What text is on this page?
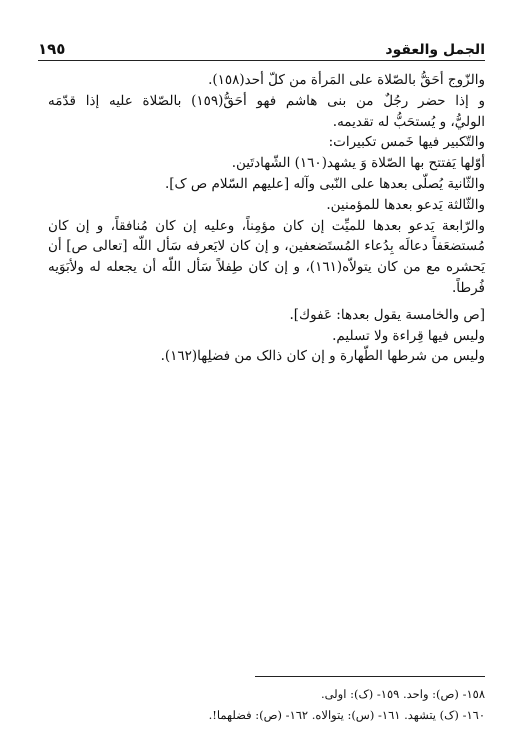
١٩٥	الجمل والعقود
والزّوج أحَقُّ بالصّلاة على المَرأة من كلّ أحد(١٥٨).
و إذا حضر رجُلٌ من بنى هاشم فهو أحَقُّ(١٥٩) بالصّلاة عليه إذا قدّمَه
الوليُّ، و يُستحَبُّ له تقديمه.
والتّكبير فيها خَمس تكبيرات:
أوّلها يَفتتح بها الصّلاة وَ يشهد(١٦٠) الشّهادتَين.
والثّانية يُصلّى بعدها على النّبى وآله [عليهم السّلام ص ک].
والثّالثة يَدعو بعدها للمؤمنين.
والرّابعة يَدعو بعدها للميِّت إن كان مؤمِناً، وعليه إن كان مُنافقاً، و إن كان
مُستضعَفاً دعالَه بِدُعاء المُستَضعفين، و إن كان لايَعرفه سَأل اللّه [تعالى ص] أن
يَحشره مع من كان يتولاّه(١٦١)، و إن كان طِفلاً سَأل اللّه أن يجعله له ولأبَوَيه
فُرطاً.
[ص والخامسة يقول بعدها: عَفوك].
وليس فيها قِراءة ولا تسليم.
وليس من شرطها الطّهارة و إن كان ذالک من فضلِها(١٦٢).
١٥٨- (ص): واحد. ١٥٩- (ک): اولى.
١٦٠- (ک) يتشهد. ١٦١- (س): يتوالاه. ١٦٢- (ص): فضلهما!.
